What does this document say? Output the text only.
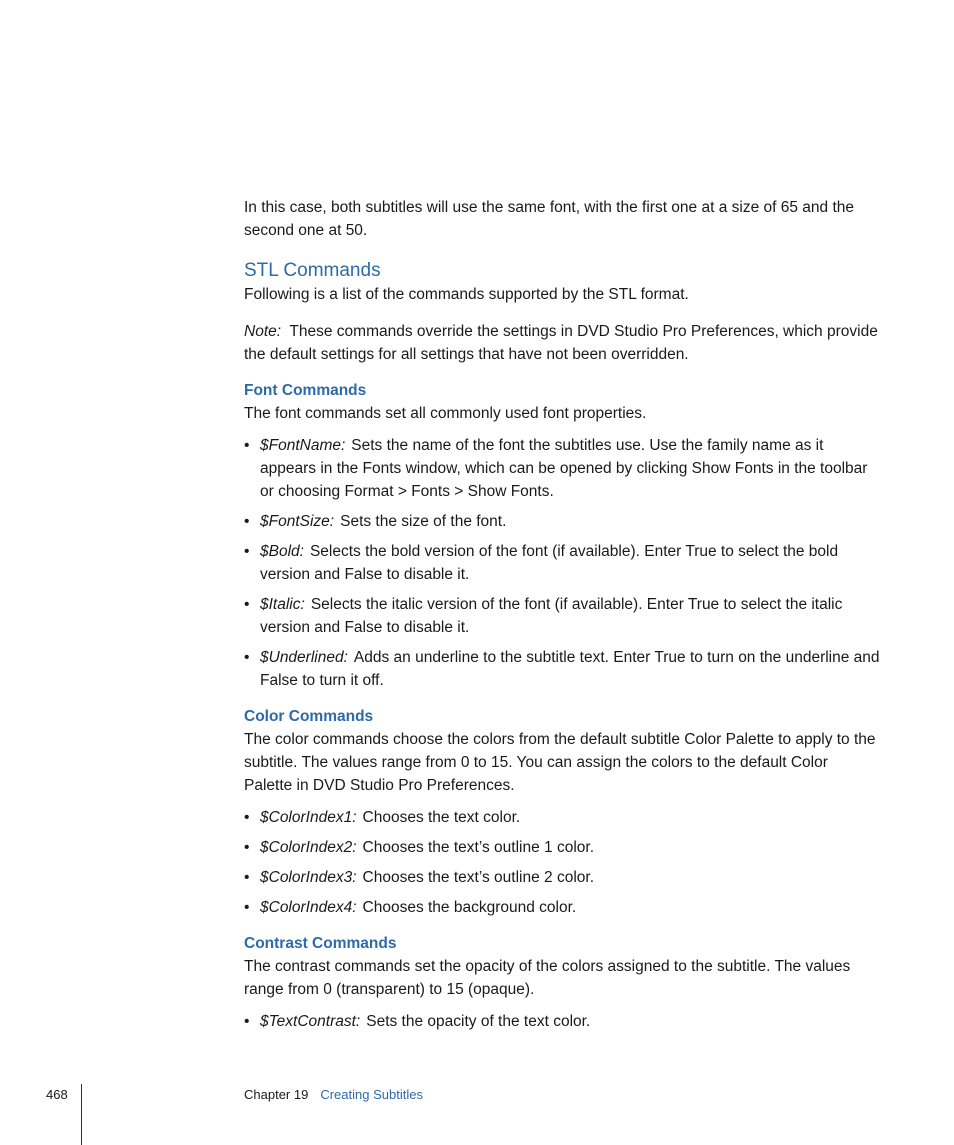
In this case, both subtitles will use the same font, with the first one at a size of 65 and the second one at 50.

STL Commands

Following is a list of the commands supported by the STL format.

Note: These commands override the settings in DVD Studio Pro Preferences, which provide the default settings for all settings that have not been overridden.

Font Commands

The font commands set all commonly used font properties.

• $FontName: Sets the name of the font the subtitles use. Use the family name as it appears in the Fonts window, which can be opened by clicking Show Fonts in the toolbar or choosing Format > Fonts > Show Fonts.
• $FontSize: Sets the size of the font.
• $Bold: Selects the bold version of the font (if available). Enter True to select the bold version and False to disable it.
• $Italic: Selects the italic version of the font (if available). Enter True to select the italic version and False to disable it.
• $Underlined: Adds an underline to the subtitle text. Enter True to turn on the underline and False to turn it off.
Color Commands

The color commands choose the colors from the default subtitle Color Palette to apply to the subtitle. The values range from 0 to 15. You can assign the colors to the default Color Palette in DVD Studio Pro Preferences.

• $ColorIndex1: Chooses the text color.
• $ColorIndex2: Chooses the text’s outline 1 color.
• $ColorIndex3: Chooses the text’s outline 2 color.
• $ColorIndex4: Chooses the background color.
Contrast Commands

The contrast commands set the opacity of the colors assigned to the subtitle. The values range from 0 (transparent) to 15 (opaque).

• $TextContrast: Sets the opacity of the text color.
468	Chapter 19 Creating Subtitles
